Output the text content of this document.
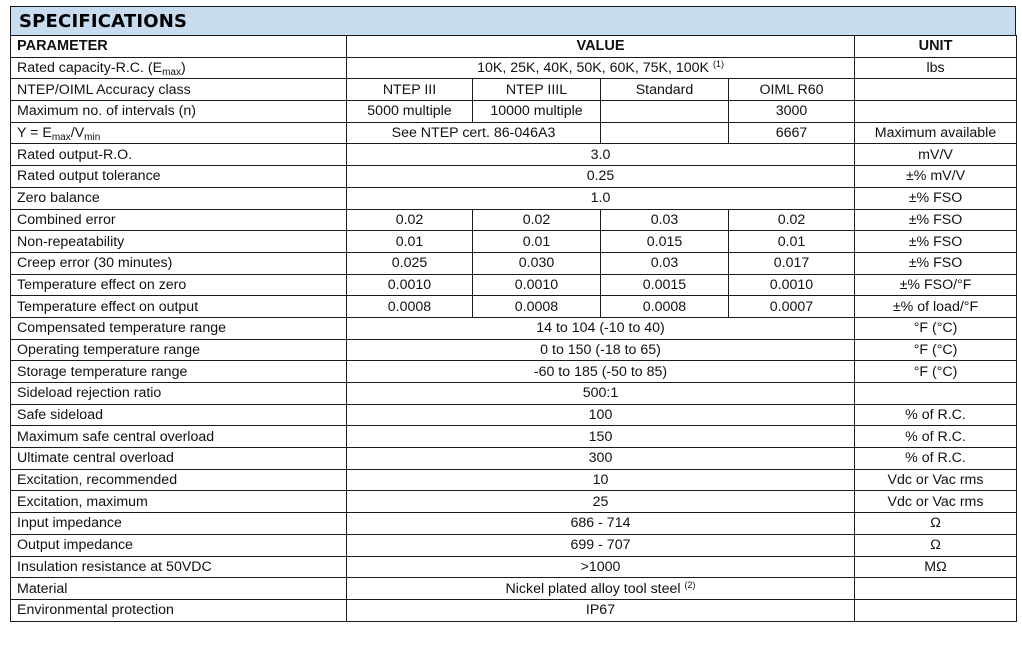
SPECIFICATIONS
PARAMETER	VALUE				UNIT
Rated capacity-R.C. $(E_{max})$	10K, 25K, 40K, 50K, 60K, 75K, 100K $^{(1)}$				lbs
NTEP/OIML Accuracy class	NTEP III	NTEP IIIL	Standard	OIML R60	
Maximum no. of intervals (n)	5000 multiple	10000 multiple		3000	
$Y = E_{max}/V_{min}$	See NTEP cert. 86-046A3			6667	Maximum available
Rated output-R.O.	3.0				mV/V
Rated output tolerance	0.25				±% mV/V
Zero balance	1.0				±% FSO
Combined error	0.02	0.02	0.03	0.02	±% FSO
Non-repeatability	0.01	0.01	0.015	0.01	±% FSO
Creep error (30 minutes)	0.025	0.030	0.03	0.017	±% FSO
Temperature effect on zero	0.0010	0.0010	0.0015	0.0010	±% FSO/°F
Temperature effect on output	0.0008	0.0008	0.0008	0.0007	±% of load/°F
Compensated temperature range	14 to 104 (-10 to 40)				°F (°C)
Operating temperature range	0 to 150 (-18 to 65)				°F (°C)
Storage temperature range	-60 to 185 (-50 to 85)				°F (°C)
Sideload rejection ratio	500:1				
Safe sideload	100				% of R.C.
Maximum safe central overload	150				% of R.C.
Ultimate central overload	300				% of R.C.
Excitation, recommended	10				Vdc or Vac rms
Excitation, maximum	25				Vdc or Vac rms
Input impedance	686 - 714				Ω
Output impedance	699 - 707				Ω
Insulation resistance at 50VDC	>1000				MΩ
Material	Nickel plated alloy tool steel $^{(2)}$	
Environmental protection	IP67				
